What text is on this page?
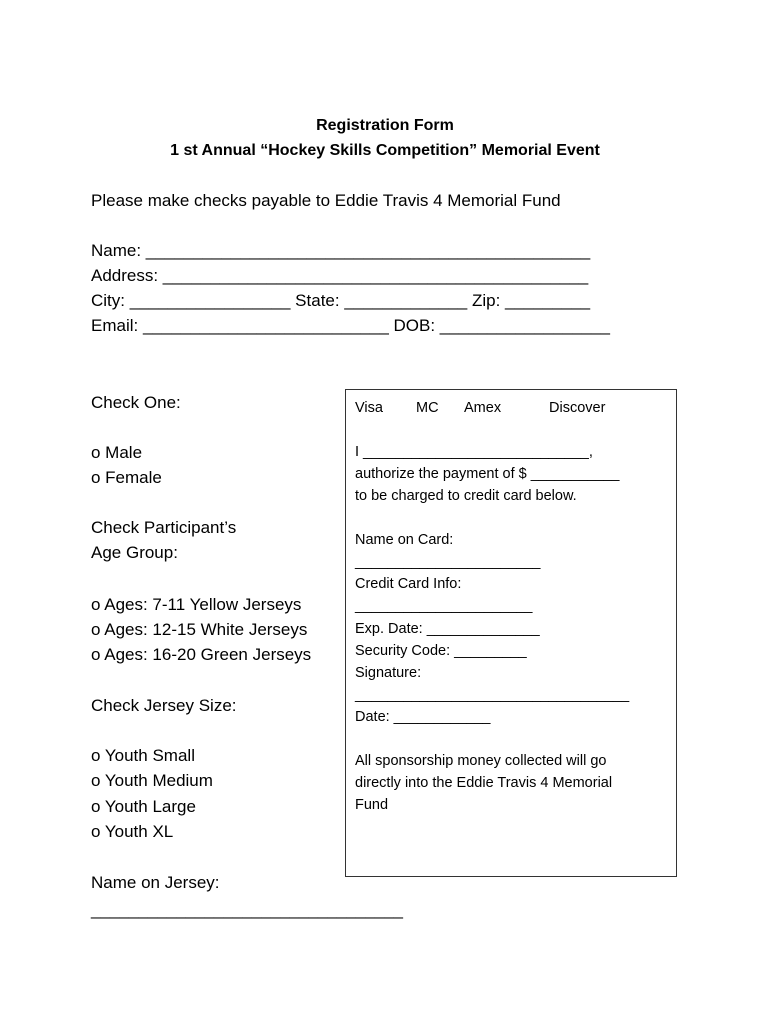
Registration Form
1 st Annual “Hockey Skills Competition” Memorial Event
Please make checks payable to Eddie Travis 4 Memorial Fund
Name: _______________________________________________
Address: _____________________________________________
City: _________________ State: _____________ Zip: _________
Email: __________________________ DOB: __________________
Check One:
o Male
o Female
Check Participant’s
Age Group:
o Ages: 7-11 Yellow Jerseys
o Ages: 12-15 White Jerseys
o Ages: 16-20 Green Jerseys
Check Jersey Size:
o Youth Small
o Youth Medium
o Youth Large
o Youth XL
Name on Jersey:
_________________________________
Visa MC Amex	Discover
I ____________________________,
authorize the payment of $ ___________
to be charged to credit card below.
Name on Card:
_______________________
Credit Card Info:
______________________
Exp. Date: ______________
Security Code: _________
Signature:
__________________________________
Date: ____________
All sponsorship money collected will go
directly into the Eddie Travis 4 Memorial
Fund
